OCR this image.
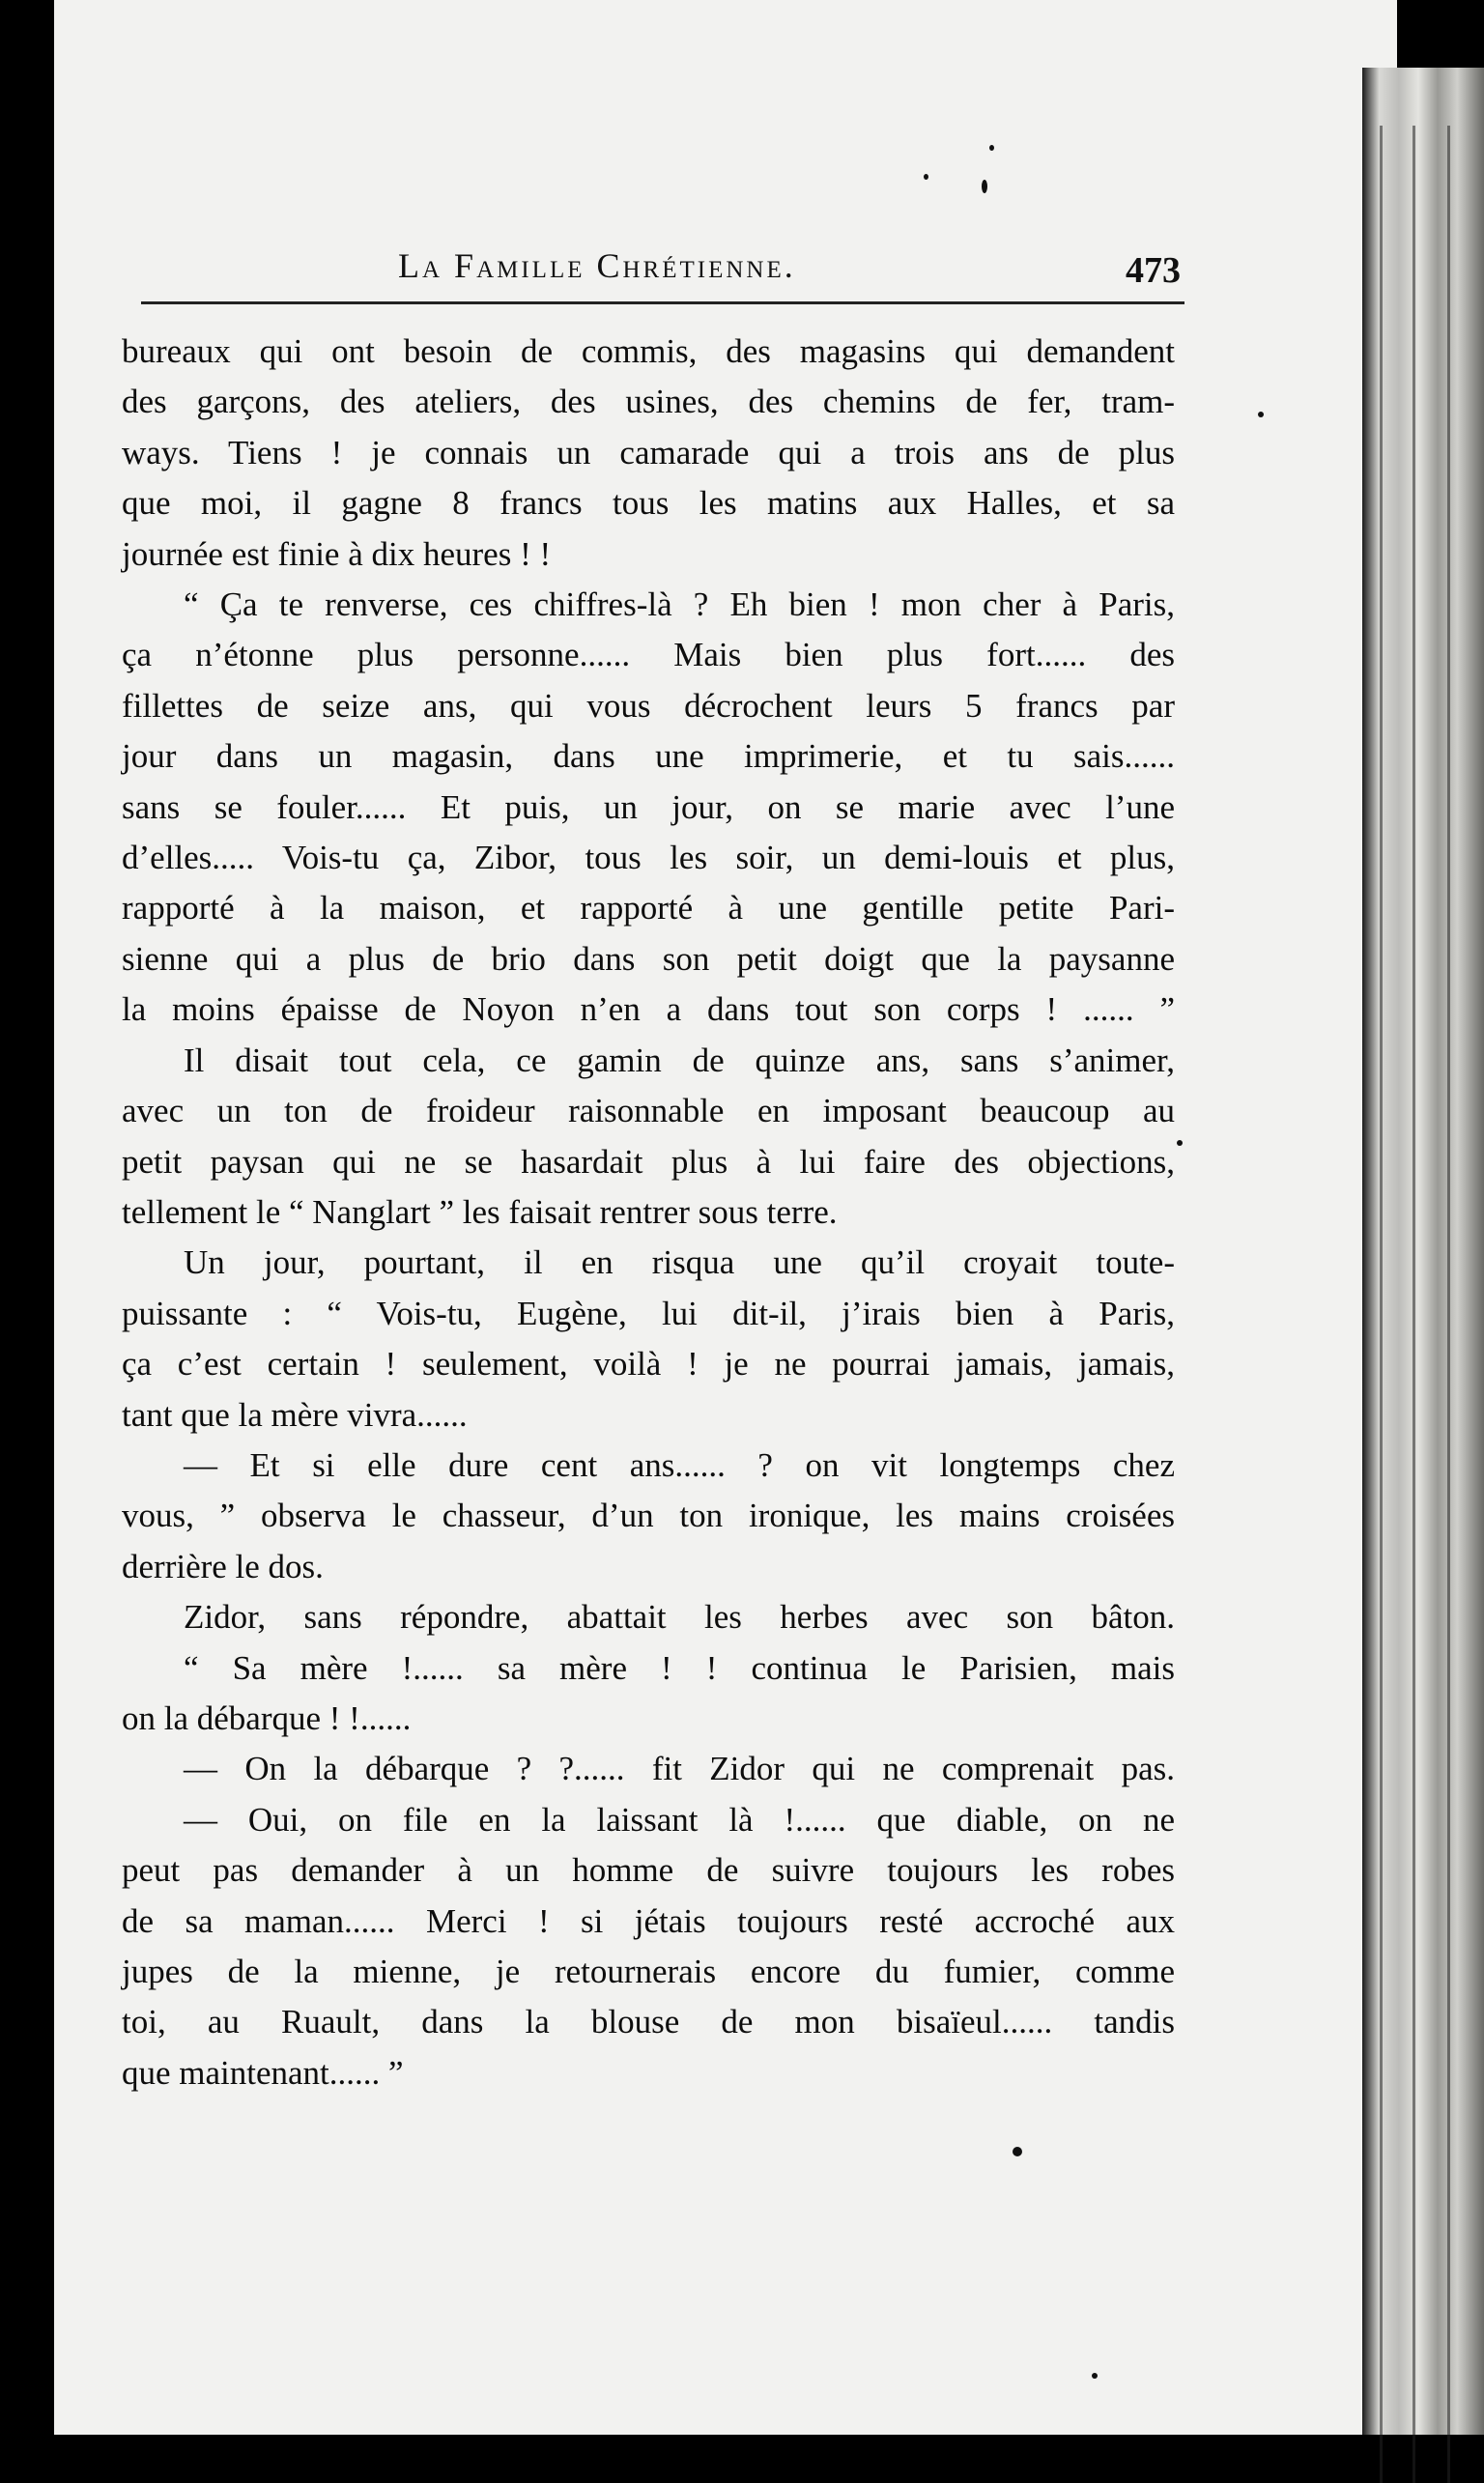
La Famille Chrétienne.	473
bureaux qui ont besoin de commis, des magasins qui demandent
des garçons, des ateliers, des usines, des chemins de fer, tram-
ways. Tiens ! je connais un camarade qui a trois ans de plus
que moi, il gagne 8 francs tous les matins aux Halles, et sa
journée est finie à dix heures ! !
“ Ça te renverse, ces chiffres-là ? Eh bien ! mon cher à Paris,
ça n’étonne plus personne...... Mais bien plus fort...... des
fillettes de seize ans, qui vous décrochent leurs 5 francs par
jour dans un magasin, dans une imprimerie, et tu sais......
sans se fouler...... Et puis, un jour, on se marie avec l’une
d’elles..... Vois-tu ça, Zibor, tous les soir, un demi-louis et plus,
rapporté à la maison, et rapporté à une gentille petite Pari-
sienne qui a plus de brio dans son petit doigt que la paysanne
la moins épaisse de Noyon n’en a dans tout son corps ! ...... ”
Il disait tout cela, ce gamin de quinze ans, sans s’animer,
avec un ton de froideur raisonnable en imposant beaucoup au
petit paysan qui ne se hasardait plus à lui faire des objections,
tellement le “ Nanglart ” les faisait rentrer sous terre.
Un jour, pourtant, il en risqua une qu’il croyait toute-
puissante : “ Vois-tu, Eugène, lui dit-il, j’irais bien à Paris,
ça c’est certain ! seulement, voilà ! je ne pourrai jamais, jamais,
tant que la mère vivra......
— Et si elle dure cent ans...... ? on vit longtemps chez
vous, ” observa le chasseur, d’un ton ironique, les mains croisées
derrière le dos.
Zidor, sans répondre, abattait les herbes avec son bâton.
“ Sa mère !...... sa mère ! ! continua le Parisien, mais
on la débarque ! !......
— On la débarque ? ?...... fit Zidor qui ne comprenait pas.
— Oui, on file en la laissant là !...... que diable, on ne
peut pas demander à un homme de suivre toujours les robes
de sa maman...... Merci ! si jétais toujours resté accroché aux
jupes de la mienne, je retournerais encore du fumier, comme
toi, au Ruault, dans la blouse de mon bisaïeul...... tandis
que maintenant...... ”
